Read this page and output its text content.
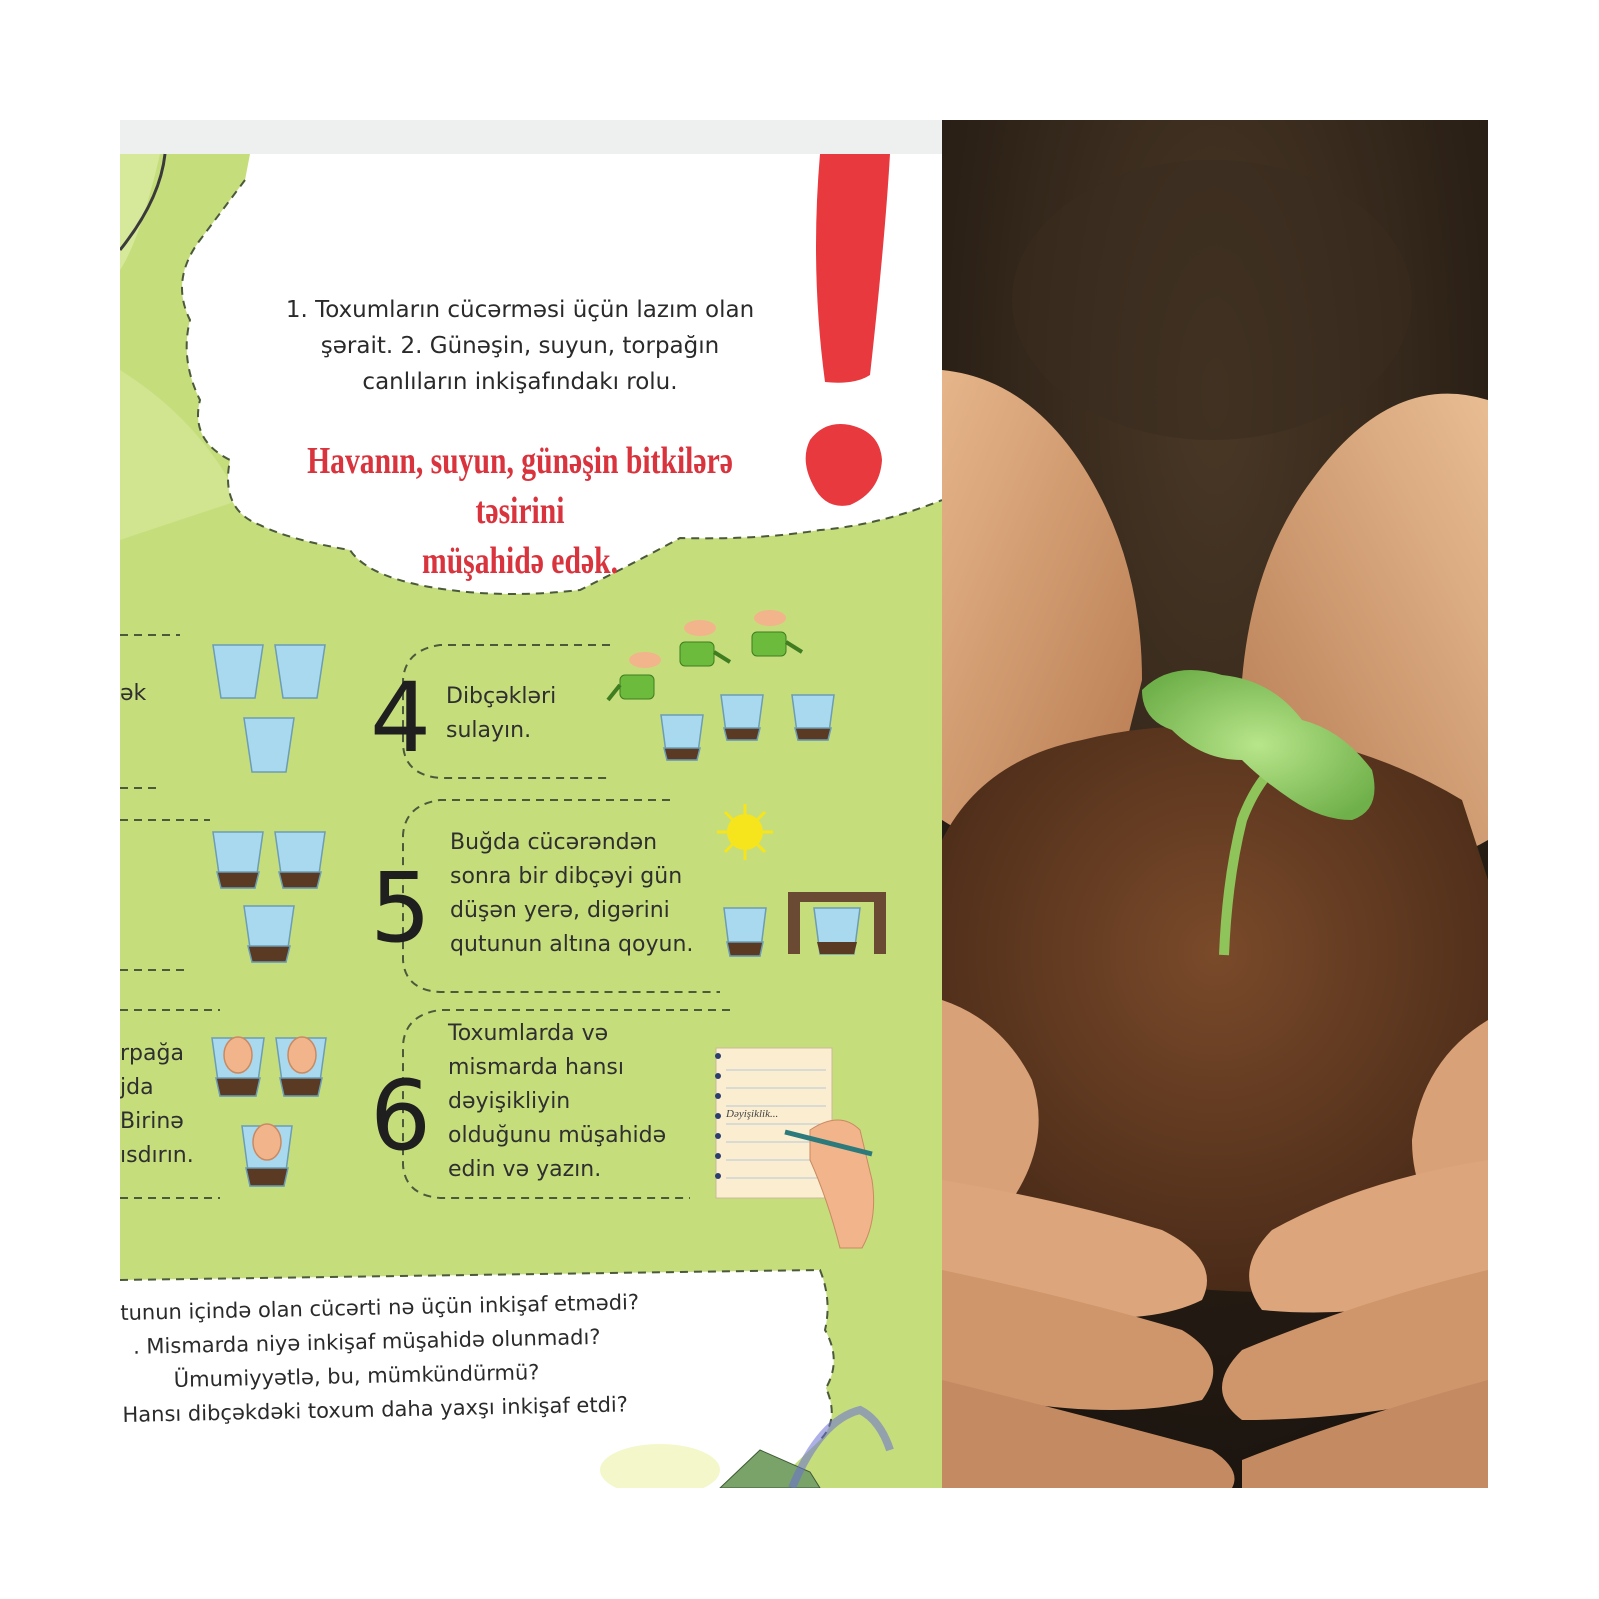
1. Toxumların cücərməsi üçün lazım olan
şərait. 2. Günəşin, suyun, torpağın
canlıların inkişafındakı rolu.
Havanın, suyun, günəşin bitkilərə təsirini
müşahidə edək.
ək
rpağa
jda
Birinə
ısdırın.
4 Dibçəkləri
sulayın.
5
Buğda cücərəndən
sonra bir dibçəyi gün
düşən yerə, digərini
qutunun altına qoyun.
6
Toxumlarda və
mismarda hansı
dəyişikliyin
olduğunu müşahidə
edin və yazın.
Dəyişiklik...
tunun içində olan cücərti nə üçün inkişaf etmədi?
. Mismarda niyə inkişaf müşahidə olunmadı?
Ümumiyyətlə, bu, mümkündürmü?
Hansı dibçəkdəki toxum daha yaxşı inkişaf etdi?
